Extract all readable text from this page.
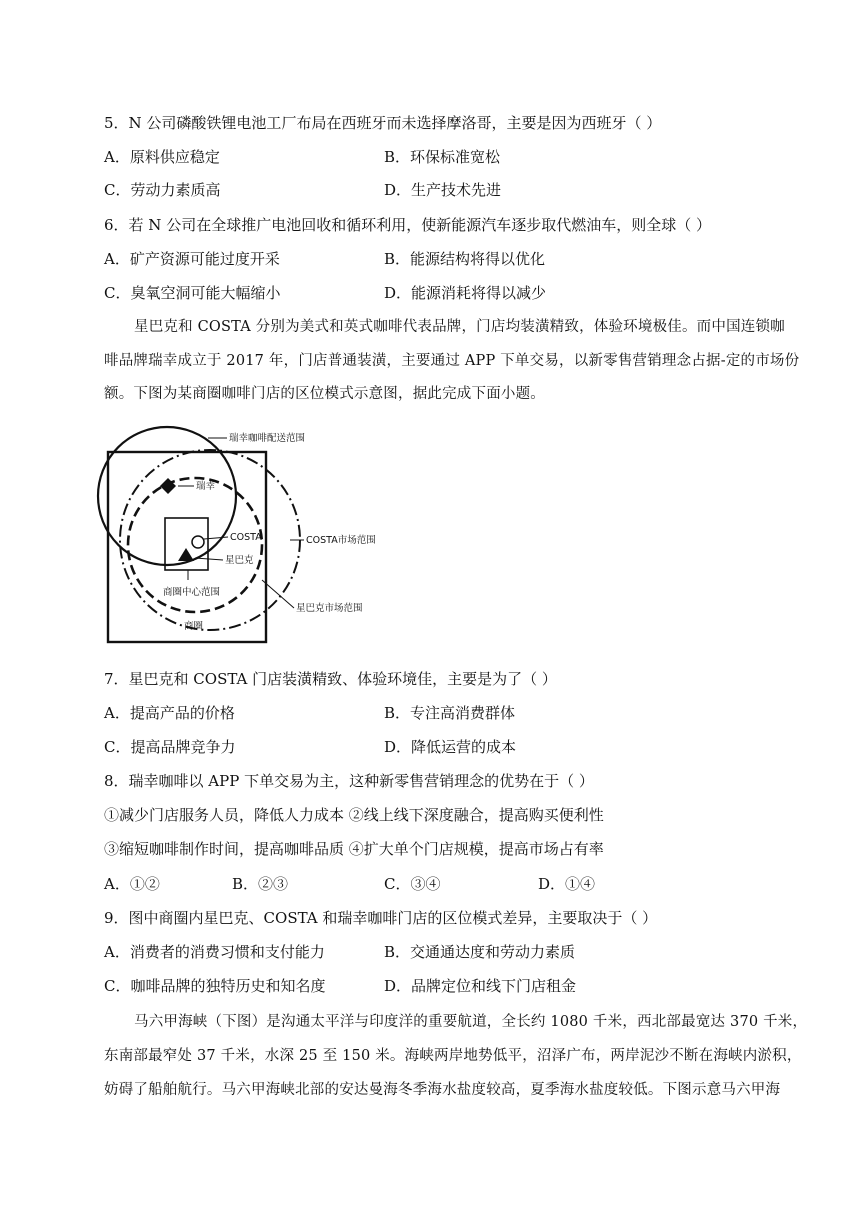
5．N 公司磷酸铁锂电池工厂布局在西班牙而未选择摩洛哥，主要是因为西班牙（ ）
A．原料供应稳定	B．环保标准宽松
C．劳动力素质高	D．生产技术先进
6．若 N 公司在全球推广电池回收和循环利用，使新能源汽车逐步取代燃油车，则全球（ ）
A．矿产资源可能过度开采	B．能源结构将得以优化
C．臭氧空洞可能大幅缩小	D．能源消耗将得以减少
星巴克和 COSTA 分别为美式和英式咖啡代表品牌，门店均装潢精致，体验环境极佳。而中国连锁咖
啡品牌瑞幸成立于 2017 年，门店普通装潢，主要通过 APP 下单交易，以新零售营销理念占据-定的市场份
额。下图为某商圈咖啡门店的区位模式示意图，据此完成下面小题。
瑞幸咖啡配送范围
瑞幸
COSTA	COSTA市场范围
星巴克
商圈中心范围
星巴克市场范围
商圈
7．星巴克和 COSTA 门店装潢精致、体验环境佳，主要是为了（ ）
A．提高产品的价格	B．专注高消费群体
C．提高品牌竞争力	D．降低运营的成本
8．瑞幸咖啡以 APP 下单交易为主，这种新零售营销理念的优势在于（ ）
①减少门店服务人员，降低人力成本 ②线上线下深度融合，提高购买便利性
③缩短咖啡制作时间，提高咖啡品质 ④扩大单个门店规模，提高市场占有率
A．①②	B．②③	C．③④	D．①④
9．图中商圈内星巴克、COSTA 和瑞幸咖啡门店的区位模式差异，主要取决于（ ）
A．消费者的消费习惯和支付能力	B．交通通达度和劳动力素质
C．咖啡品牌的独特历史和知名度	D．品牌定位和线下门店租金
马六甲海峡（下图）是沟通太平洋与印度洋的重要航道，全长约 1080 千米，西北部最宽达 370 千米，
东南部最窄处 37 千米，水深 25 至 150 米。海峡两岸地势低平，沼泽广布，两岸泥沙不断在海峡内淤积，
妨碍了船舶航行。马六甲海峡北部的安达曼海冬季海水盐度较高，夏季海水盐度较低。下图示意马六甲海
